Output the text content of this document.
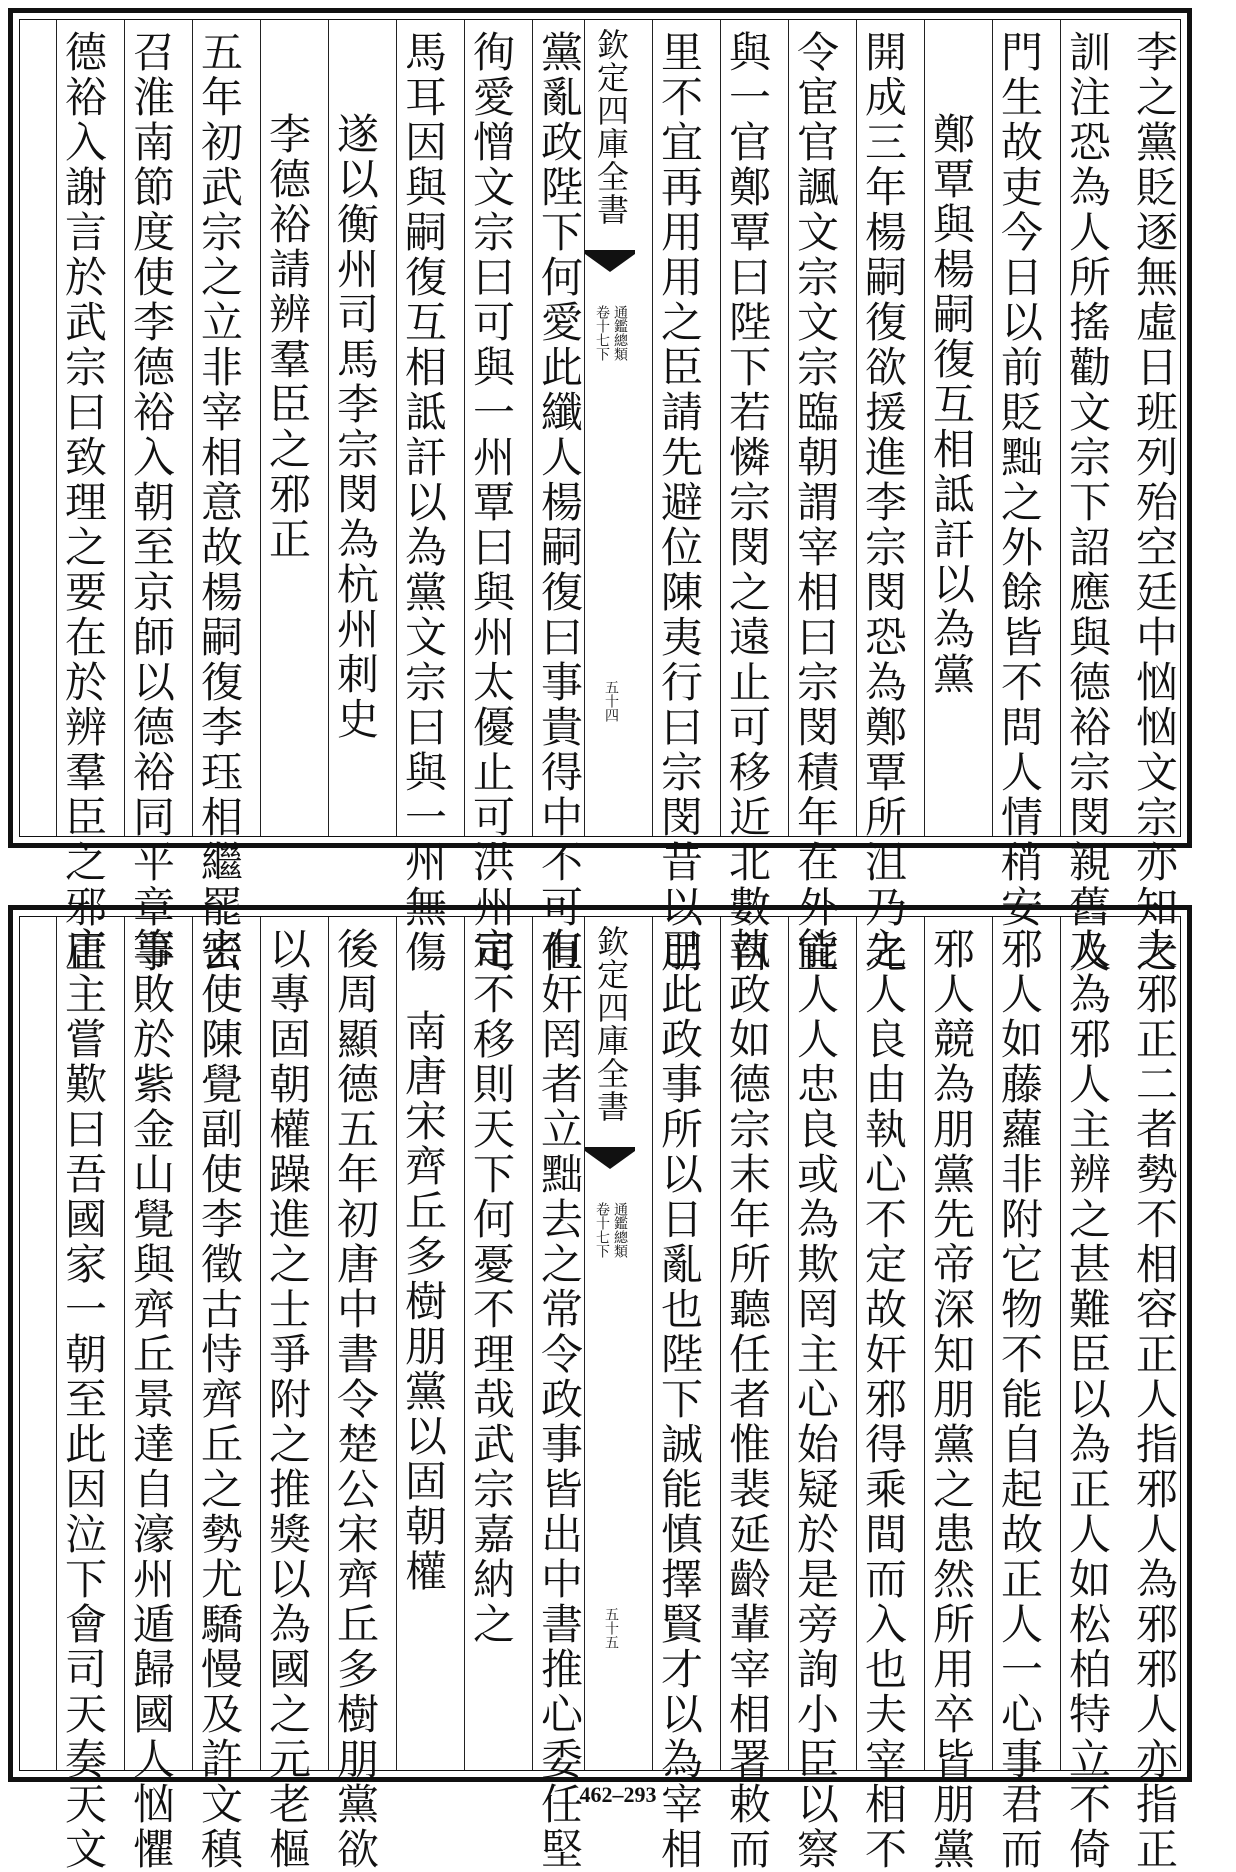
李之黨貶逐無虛日班列殆空廷中忷忷文宗亦知之
訓注恐為人所搖勸文宗下詔應與德裕宗閔親舊及
門生故吏今日以前貶黜之外餘皆不問人情稍安
鄭覃與楊嗣復互相詆訐以為黨
開成三年楊嗣復欲援進李宗閔恐為鄭覃所沮乃先
令宦官諷文宗文宗臨朝謂宰相曰宗閔積年在外宜
與一官鄭覃曰陛下若憐宗閔之遠止可移近北數百
里不宜再用用之臣請先避位陳夷行曰宗閔昔以朋
欽定四庫全書
卷十七下 通鑑總類
五十四
黨亂政陛下何愛此纖人楊嗣復曰事貴得中不可但
徇愛憎文宗曰可與一州覃曰與州太優止可洪州司
馬耳因與嗣復互相詆訐以為黨文宗曰與一州無傷
遂以衡州司馬李宗閔為杭州刺史
李德裕請辨羣臣之邪正
五年初武宗之立非宰相意故楊嗣復李珏相繼罷去
召淮南節度使李德裕入朝至京師以德裕同平章事
德裕入謝言於武宗曰致理之要在於辨羣臣之邪正
夫邪正二者勢不相容正人指邪人為邪邪人亦指正
人為邪人主辨之甚難臣以為正人如松柏特立不倚
邪人如藤蘿非附它物不能自起故正人一心事君而
邪人競為朋黨先帝深知朋黨之患然所用卒皆朋黨
之人良由執心不定故奸邪得乘間而入也夫宰相不
能人人忠良或為欺罔主心始疑於是旁詢小臣以察
執政如德宗末年所聽任者惟裴延齡輩宰相署敕而
已此政事所以日亂也陛下誠能慎擇賢才以為宰相
欽定四庫全書
卷十七下 通鑑總類
五十五
有奸罔者立黜去之常令政事皆出中書推心委任堅
定不移則天下何憂不理哉武宗嘉納之
南唐宋齊丘多樹朋黨以固朝權
後周顯德五年初唐中書令楚公宋齊丘多樹朋黨欲
以專固朝權躁進之士爭附之推獎以為國之元老樞
密使陳覺副使李徵古恃齊丘之勢尤驕慢及許文稹
等敗於紫金山覺與齊丘景達自濠州遁歸國人忷懼
唐主嘗歎曰吾國家一朝至此因泣下會司天奏天文	462–293
